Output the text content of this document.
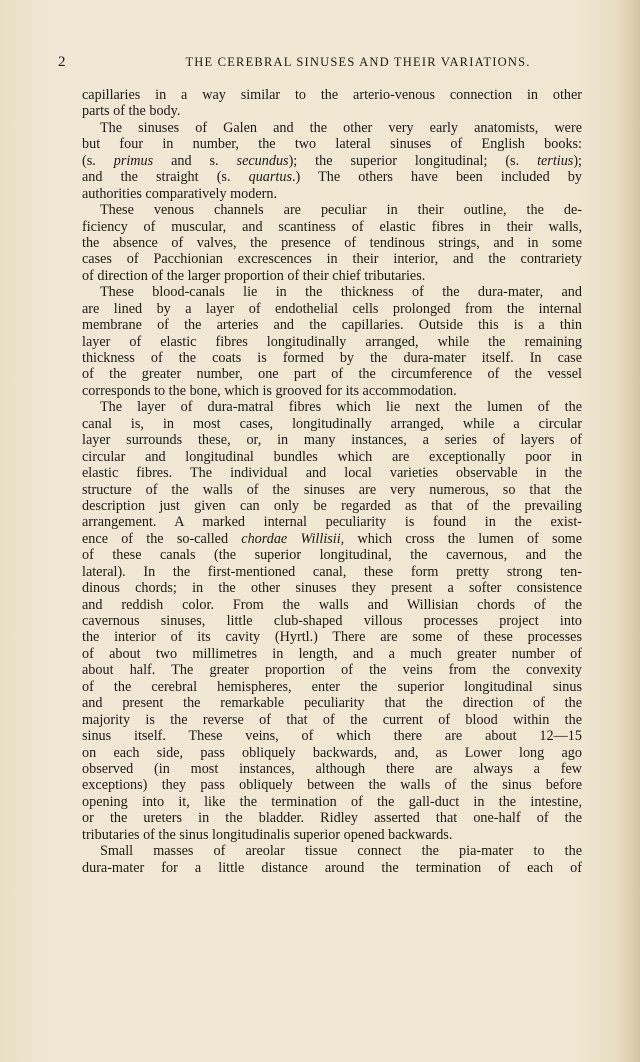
2	THE CEREBRAL SINUSES AND THEIR VARIATIONS.
capillaries in a way similar to the arterio-venous connection in other
parts of the body.
The sinuses of Galen and the other very early anatomists, were
but four in number, the two lateral sinuses of English books:
(s. primus and s. secundus); the superior longitudinal; (s. tertius);
and the straight (s. quartus.) The others have been included by
authorities comparatively modern.
These venous channels are peculiar in their outline, the de-
ficiency of muscular, and scantiness of elastic fibres in their walls,
the absence of valves, the presence of tendinous strings, and in some
cases of Pacchionian excrescences in their interior, and the contrariety
of direction of the larger proportion of their chief tributaries.
These blood-canals lie in the thickness of the dura-mater, and
are lined by a layer of endothelial cells prolonged from the internal
membrane of the arteries and the capillaries. Outside this is a thin
layer of elastic fibres longitudinally arranged, while the remaining
thickness of the coats is formed by the dura-mater itself. In case
of the greater number, one part of the circumference of the vessel
corresponds to the bone, which is grooved for its accommodation.
The layer of dura-matral fibres which lie next the lumen of the
canal is, in most cases, longitudinally arranged, while a circular
layer surrounds these, or, in many instances, a series of layers of
circular and longitudinal bundles which are exceptionally poor in
elastic fibres. The individual and local varieties observable in the
structure of the walls of the sinuses are very numerous, so that the
description just given can only be regarded as that of the prevailing
arrangement. A marked internal peculiarity is found in the exist-
ence of the so-called chordae Willisii, which cross the lumen of some
of these canals (the superior longitudinal, the cavernous, and the
lateral). In the first-mentioned canal, these form pretty strong ten-
dinous chords; in the other sinuses they present a softer consistence
and reddish color. From the walls and Willisian chords of the
cavernous sinuses, little club-shaped villous processes project into
the interior of its cavity (Hyrtl.) There are some of these processes
of about two millimetres in length, and a much greater number of
about half. The greater proportion of the veins from the convexity
of the cerebral hemispheres, enter the superior longitudinal sinus
and present the remarkable peculiarity that the direction of the
majority is the reverse of that of the current of blood within the
sinus itself. These veins, of which there are about 12—15
on each side, pass obliquely backwards, and, as Lower long ago
observed (in most instances, although there are always a few
exceptions) they pass obliquely between the walls of the sinus before
opening into it, like the termination of the gall-duct in the intestine,
or the ureters in the bladder. Ridley asserted that one-half of the
tributaries of the sinus longitudinalis superior opened backwards.
Small masses of areolar tissue connect the pia-mater to the
dura-mater for a little distance around the termination of each of
